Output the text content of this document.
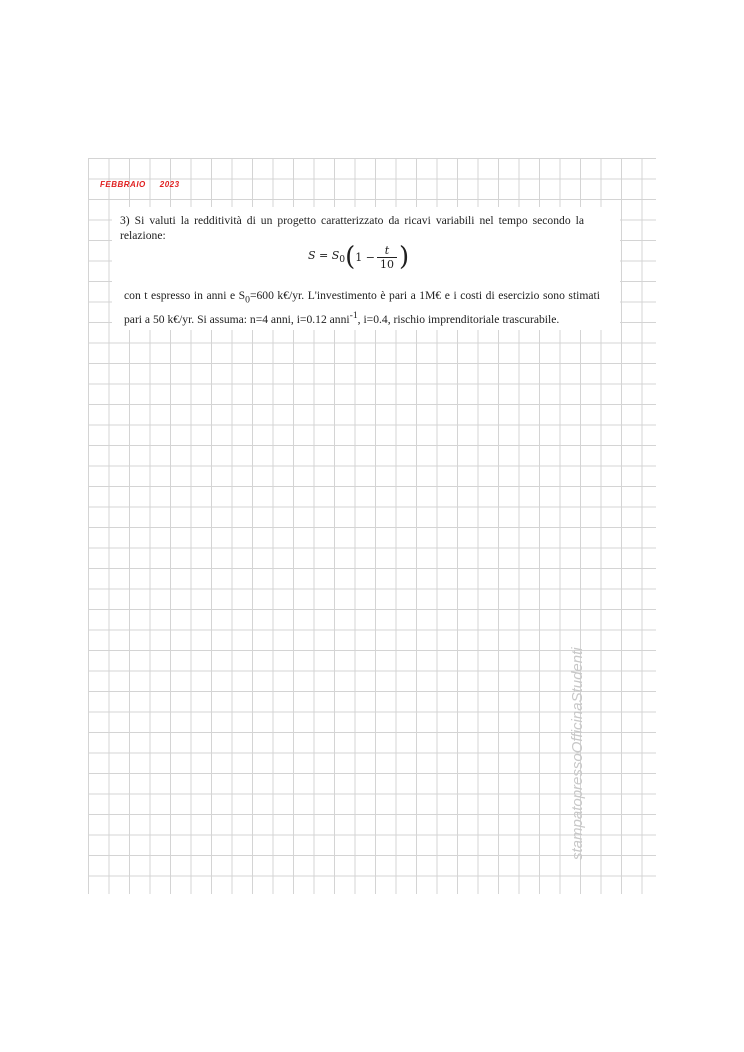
FEBBRAIO 2023
3) Si valuti la redditività di un progetto caratterizzato da ricavi variabili nel tempo secondo la relazione:
$S = S_0$ ( $1 - \frac{t}{10}$ )
con t espresso in anni e $S_0=600$ k€/yr. L'investimento è pari a 1M€ e i costi di esercizio sono stimati pari a 50 k€/yr. Si assuma: n=4 anni, i=0.12 anni$^{-1}$, i=0.4, rischio imprenditoriale trascurabile.
stampatopressoOfficinaStudenti
